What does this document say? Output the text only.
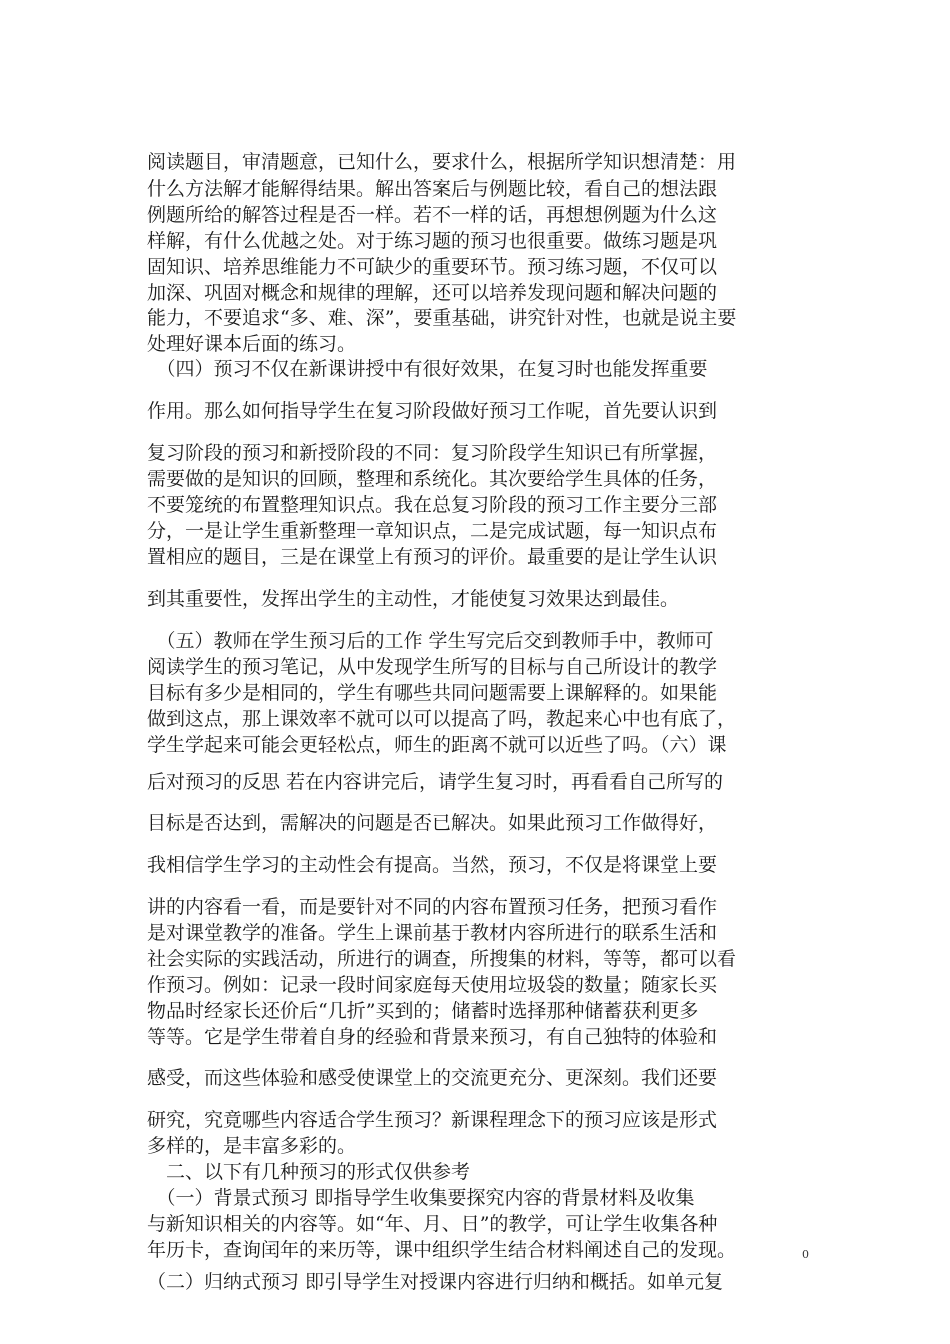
阅读题目，审清题意，已知什么，要求什么，根据所学知识想清楚：用
什么方法解才能解得结果。解出答案后与例题比较，看自己的想法跟
例题所给的解答过程是否一样。若不一样的话，再想想例题为什么这
样解，有什么优越之处。对于练习题的预习也很重要。做练习题是巩
固知识、培养思维能力不可缺少的重要环节。预习练习题，不仅可以
加深、巩固对概念和规律的理解，还可以培养发现问题和解决问题的
能力，不要追求“多、难、深”，要重基础，讲究针对性，也就是说主要
处理好课本后面的练习。
　（四）预习不仅在新课讲授中有很好效果，在复习时也能发挥重要
作用。那么如何指导学生在复习阶段做好预习工作呢，首先要认识到
复习阶段的预习和新授阶段的不同：复习阶段学生知识已有所掌握，
需要做的是知识的回顾，整理和系统化。其次要给学生具体的任务，
不要笼统的布置整理知识点。我在总复习阶段的预习工作主要分三部
分，一是让学生重新整理一章知识点，二是完成试题，每一知识点布
置相应的题目，三是在课堂上有预习的评价。最重要的是让学生认识
到其重要性，发挥出学生的主动性，才能使复习效果达到最佳。
　（五）教师在学生预习后的工作 学生写完后交到教师手中，教师可
阅读学生的预习笔记，从中发现学生所写的目标与自己所设计的教学
目标有多少是相同的，学生有哪些共同问题需要上课解释的。如果能
做到这点，那上课效率不就可以可以提高了吗，教起来心中也有底了，
学生学起来可能会更轻松点，师生的距离不就可以近些了吗。（六）课
后对预习的反思 若在内容讲完后，请学生复习时，再看看自己所写的
目标是否达到，需解决的问题是否已解决。如果此预习工作做得好，
我相信学生学习的主动性会有提高。当然，预习，不仅是将课堂上要
讲的内容看一看，而是要针对不同的内容布置预习任务，把预习看作
是对课堂教学的准备。学生上课前基于教材内容所进行的联系生活和
社会实际的实践活动，所进行的调查，所搜集的材料，等等，都可以看
作预习。例如：记录一段时间家庭每天使用垃圾袋的数量；随家长买
物品时经家长还价后“几折”买到的；储蓄时选择那种储蓄获利更多
等等。它是学生带着自身的经验和背景来预习，有自己独特的体验和
感受，而这些体验和感受使课堂上的交流更充分、更深刻。我们还要
研究，究竟哪些内容适合学生预习？新课程理念下的预习应该是形式
多样的，是丰富多彩的。
　二、以下有几种预习的形式仅供参考
　（一）背景式预习 即指导学生收集要探究内容的背景材料及收集
与新知识相关的内容等。如“年、月、日”的教学，可让学生收集各种
年历卡，查询闰年的来历等，课中组织学生结合材料阐述自己的发现。
（二）归纳式预习 即引导学生对授课内容进行归纳和概括。如单元复
0
